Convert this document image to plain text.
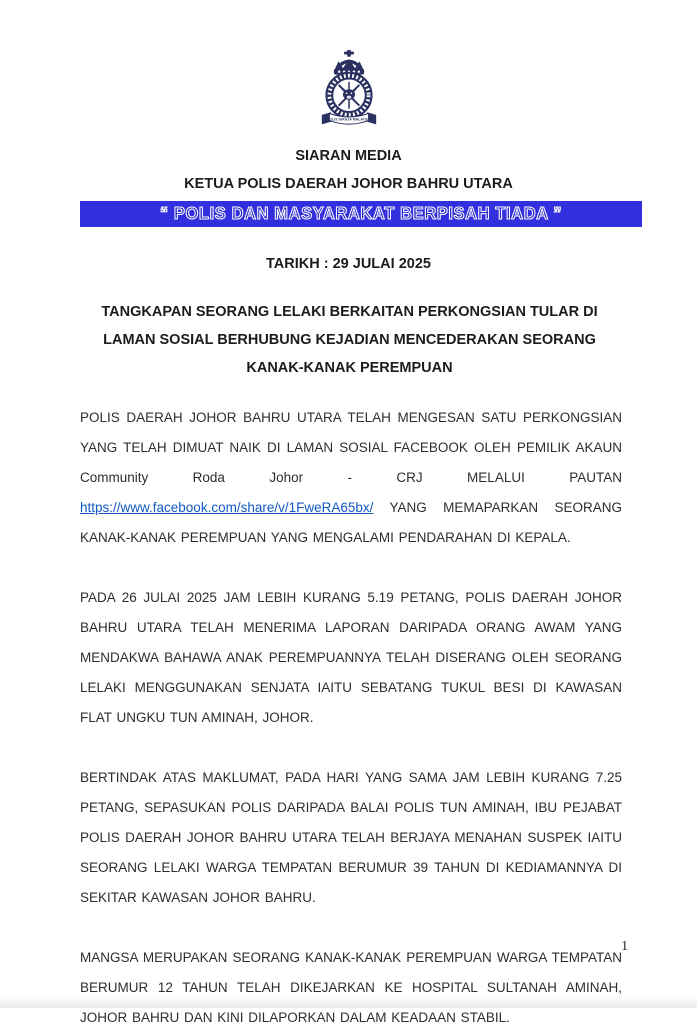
POLIS DIRAJA MALAYSIA
SIARAN MEDIA
KETUA POLIS DAERAH JOHOR BAHRU UTARA
“ POLIS DAN MASYARAKAT BERPISAH TIADA ”
TARIKH : 29 JULAI 2025
TANGKAPAN SEORANG LELAKI BERKAITAN PERKONGSIAN TULAR DI LAMAN SOSIAL BERHUBUNG KEJADIAN MENCEDERAKAN SEORANG KANAK-KANAK PEREMPUAN

POLIS DAERAH JOHOR BAHRU UTARA TELAH MENGESAN SATU PERKONGSIAN YANG TELAH DIMUAT NAIK DI LAMAN SOSIAL FACEBOOK OLEH PEMILIK AKAUN Community Roda Johor - CRJ MELALUI PAUTAN https://www.facebook.com/share/v/1FweRA65bx/ YANG MEMAPARKAN SEORANG KANAK-KANAK PEREMPUAN YANG MENGALAMI PENDARAHAN DI KEPALA.

PADA 26 JULAI 2025 JAM LEBIH KURANG 5.19 PETANG, POLIS DAERAH JOHOR BAHRU UTARA TELAH MENERIMA LAPORAN DARIPADA ORANG AWAM YANG MENDAKWA BAHAWA ANAK PEREMPUANNYA TELAH DISERANG OLEH SEORANG LELAKI MENGGUNAKAN SENJATA IAITU SEBATANG TUKUL BESI DI KAWASAN FLAT UNGKU TUN AMINAH, JOHOR.

BERTINDAK ATAS MAKLUMAT, PADA HARI YANG SAMA JAM LEBIH KURANG 7.25 PETANG, SEPASUKAN POLIS DARIPADA BALAI POLIS TUN AMINAH, IBU PEJABAT POLIS DAERAH JOHOR BAHRU UTARA TELAH BERJAYA MENAHAN SUSPEK IAITU SEORANG LELAKI WARGA TEMPATAN BERUMUR 39 TAHUN DI KEDIAMANNYA DI SEKITAR KAWASAN JOHOR BAHRU.

MANGSA MERUPAKAN SEORANG KANAK-KANAK PEREMPUAN WARGA TEMPATAN BERUMUR 12 TAHUN TELAH DIKEJARKAN KE HOSPITAL SULTANAH AMINAH, JOHOR BAHRU DAN KINI DILAPORKAN DALAM KEADAAN STABIL.

1
